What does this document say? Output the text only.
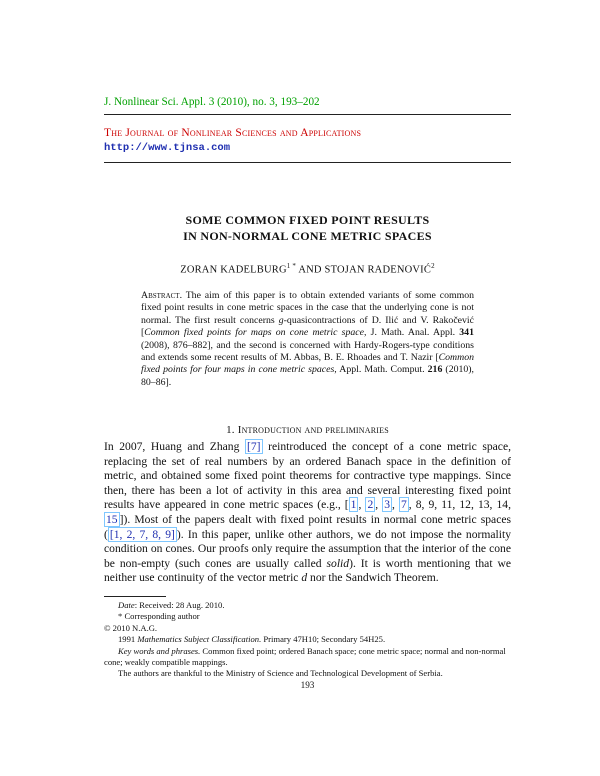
J. Nonlinear Sci. Appl. 3 (2010), no. 3, 193–202
The Journal of Nonlinear Sciences and Applications
http://www.tjnsa.com
SOME COMMON FIXED POINT RESULTS
IN NON-NORMAL CONE METRIC SPACES
ZORAN $KADELBURG^{1 *}$ AND STOJAN RADENOVIĆ$^2$
Abstract. The aim of this paper is to obtain extended variants of some common fixed point results in cone metric spaces in the case that the underlying cone is not normal. The first result concerns g-quasicontractions of D. Ilić and V. Rakočević [Common fixed points for maps on cone metric space, J. Math. Anal. Appl. 341 (2008), 876–882], and the second is concerned with Hardy-Rogers-type conditions and extends some recent results of M. Abbas, B. E. Rhoades and T. Nazir [Common fixed points for four maps in cone metric spaces, Appl. Math. Comput. 216 (2010), 80–86].
1. Introduction and preliminaries
In 2007, Huang and Zhang [7] reintroduced the concept of a cone metric space, replacing the set of real numbers by an ordered Banach space in the definition of metric, and obtained some fixed point theorems for contractive type mappings. Since then, there has been a lot of activity in this area and several interesting fixed point results have appeared in cone metric spaces (e.g., [ 1 , 2 , 3 , 7 , 8, 9, 11, 12, 13, 14, 15 ]). Most of the papers dealt with fixed point results in normal cone metric spaces ( [1, 2, 7, 8, 9] ). In this paper, unlike other authors, we do not impose the normality condition on cones. Our proofs only require the assumption that the interior of the cone be non-empty (such cones are usually called solid). It is worth mentioning that we neither use continuity of the vector metric d nor the Sandwich Theorem.

Date: Received: 28 Aug. 2010.

* Corresponding author

© 2010 N.A.G.

1991 Mathematics Subject Classification. Primary 47H10; Secondary 54H25.

Key words and phrases. Common fixed point; ordered Banach space; cone metric space; normal and non-normal cone; weakly compatible mappings.

The authors are thankful to the Ministry of Science and Technological Development of Serbia.

193
